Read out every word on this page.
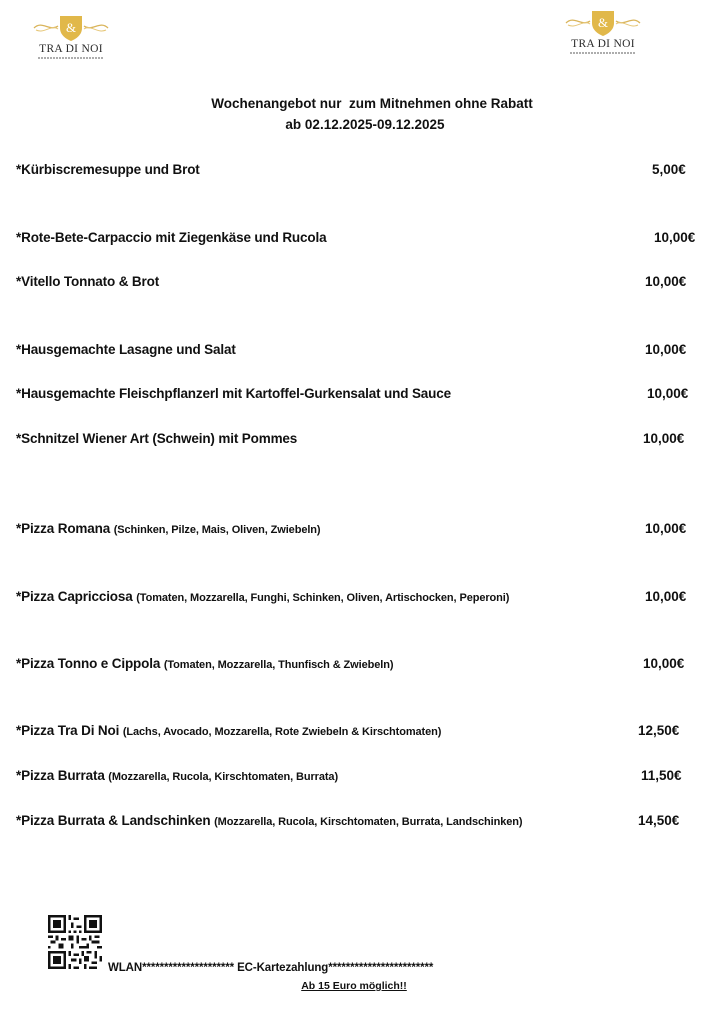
&
TRA DI NOI
&
TRA DI NOI
Wochenangebot nur  zum Mitnehmen ohne Rabatt
ab 02.12.2025-09.12.2025
*Kürbiscremesuppe und Brot	5,00€
*Rote-Bete-Carpaccio mit Ziegenkäse und Rucola	10,00€
*Vitello Tonnato & Brot	10,00€
*Hausgemachte Lasagne und Salat	10,00€
*Hausgemachte Fleischpflanzerl mit Kartoffel-Gurkensalat und Sauce	10,00€
*Schnitzel Wiener Art (Schwein) mit Pommes	10,00€
*Pizza Romana (Schinken, Pilze, Mais, Oliven, Zwiebeln)	10,00€
*Pizza Capricciosa (Tomaten, Mozzarella, Funghi, Schinken, Oliven, Artischocken, Peperoni)	10,00€
*Pizza Tonno e Cippola (Tomaten, Mozzarella, Thunfisch & Zwiebeln)	10,00€
*Pizza Tra Di Noi (Lachs, Avocado, Mozzarella, Rote Zwiebeln & Kirschtomaten)	12,50€
*Pizza Burrata (Mozzarella, Rucola, Kirschtomaten, Burrata)	11,50€
*Pizza Burrata & Landschinken (Mozzarella, Rucola, Kirschtomaten, Burrata, Landschinken)	14,50€
WLAN********************* EC-Kartezahlung************************
Ab 15 Euro möglich!!
